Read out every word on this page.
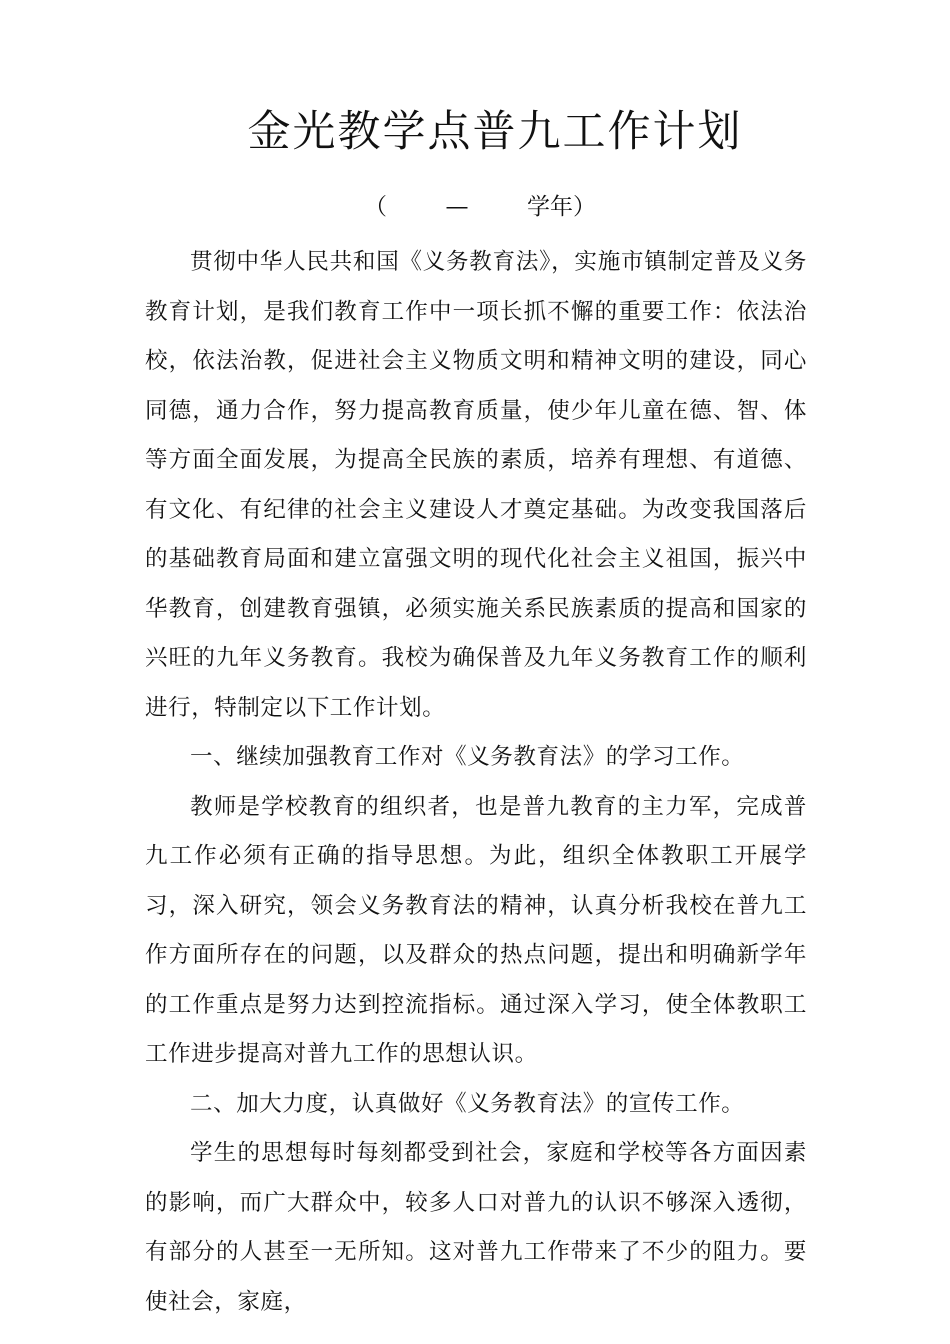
金光教学点普九工作计划
（        —        学年）

贯彻中华人民共和国《义务教育法》，实施市镇制定普及义务教育计划，是我们教育工作中一项长抓不懈的重要工作：依法治校，依法治教，促进社会主义物质文明和精神文明的建设，同心同德，通力合作，努力提高教育质量，使少年儿童在德、智、体等方面全面发展，为提高全民族的素质，培养有理想、有道德、有文化、有纪律的社会主义建设人才奠定基础。为改变我国落后的基础教育局面和建立富强文明的现代化社会主义祖国，振兴中华教育，创建教育强镇，必须实施关系民族素质的提高和国家的兴旺的九年义务教育。我校为确保普及九年义务教育工作的顺利进行，特制定以下工作计划。

一、继续加强教育工作对《义务教育法》的学习工作。

教师是学校教育的组织者，也是普九教育的主力军，完成普九工作必须有正确的指导思想。为此，组织全体教职工开展学习，深入研究，领会义务教育法的精神，认真分析我校在普九工作方面所存在的问题，以及群众的热点问题，提出和明确新学年的工作重点是努力达到控流指标。通过深入学习，使全体教职工工作进步提高对普九工作的思想认识。

二、加大力度，认真做好《义务教育法》的宣传工作。

学生的思想每时每刻都受到社会，家庭和学校等各方面因素的影响，而广大群众中，较多人口对普九的认识不够深入透彻，有部分的人甚至一无所知。这对普九工作带来了不少的阻力。要使社会，家庭，
